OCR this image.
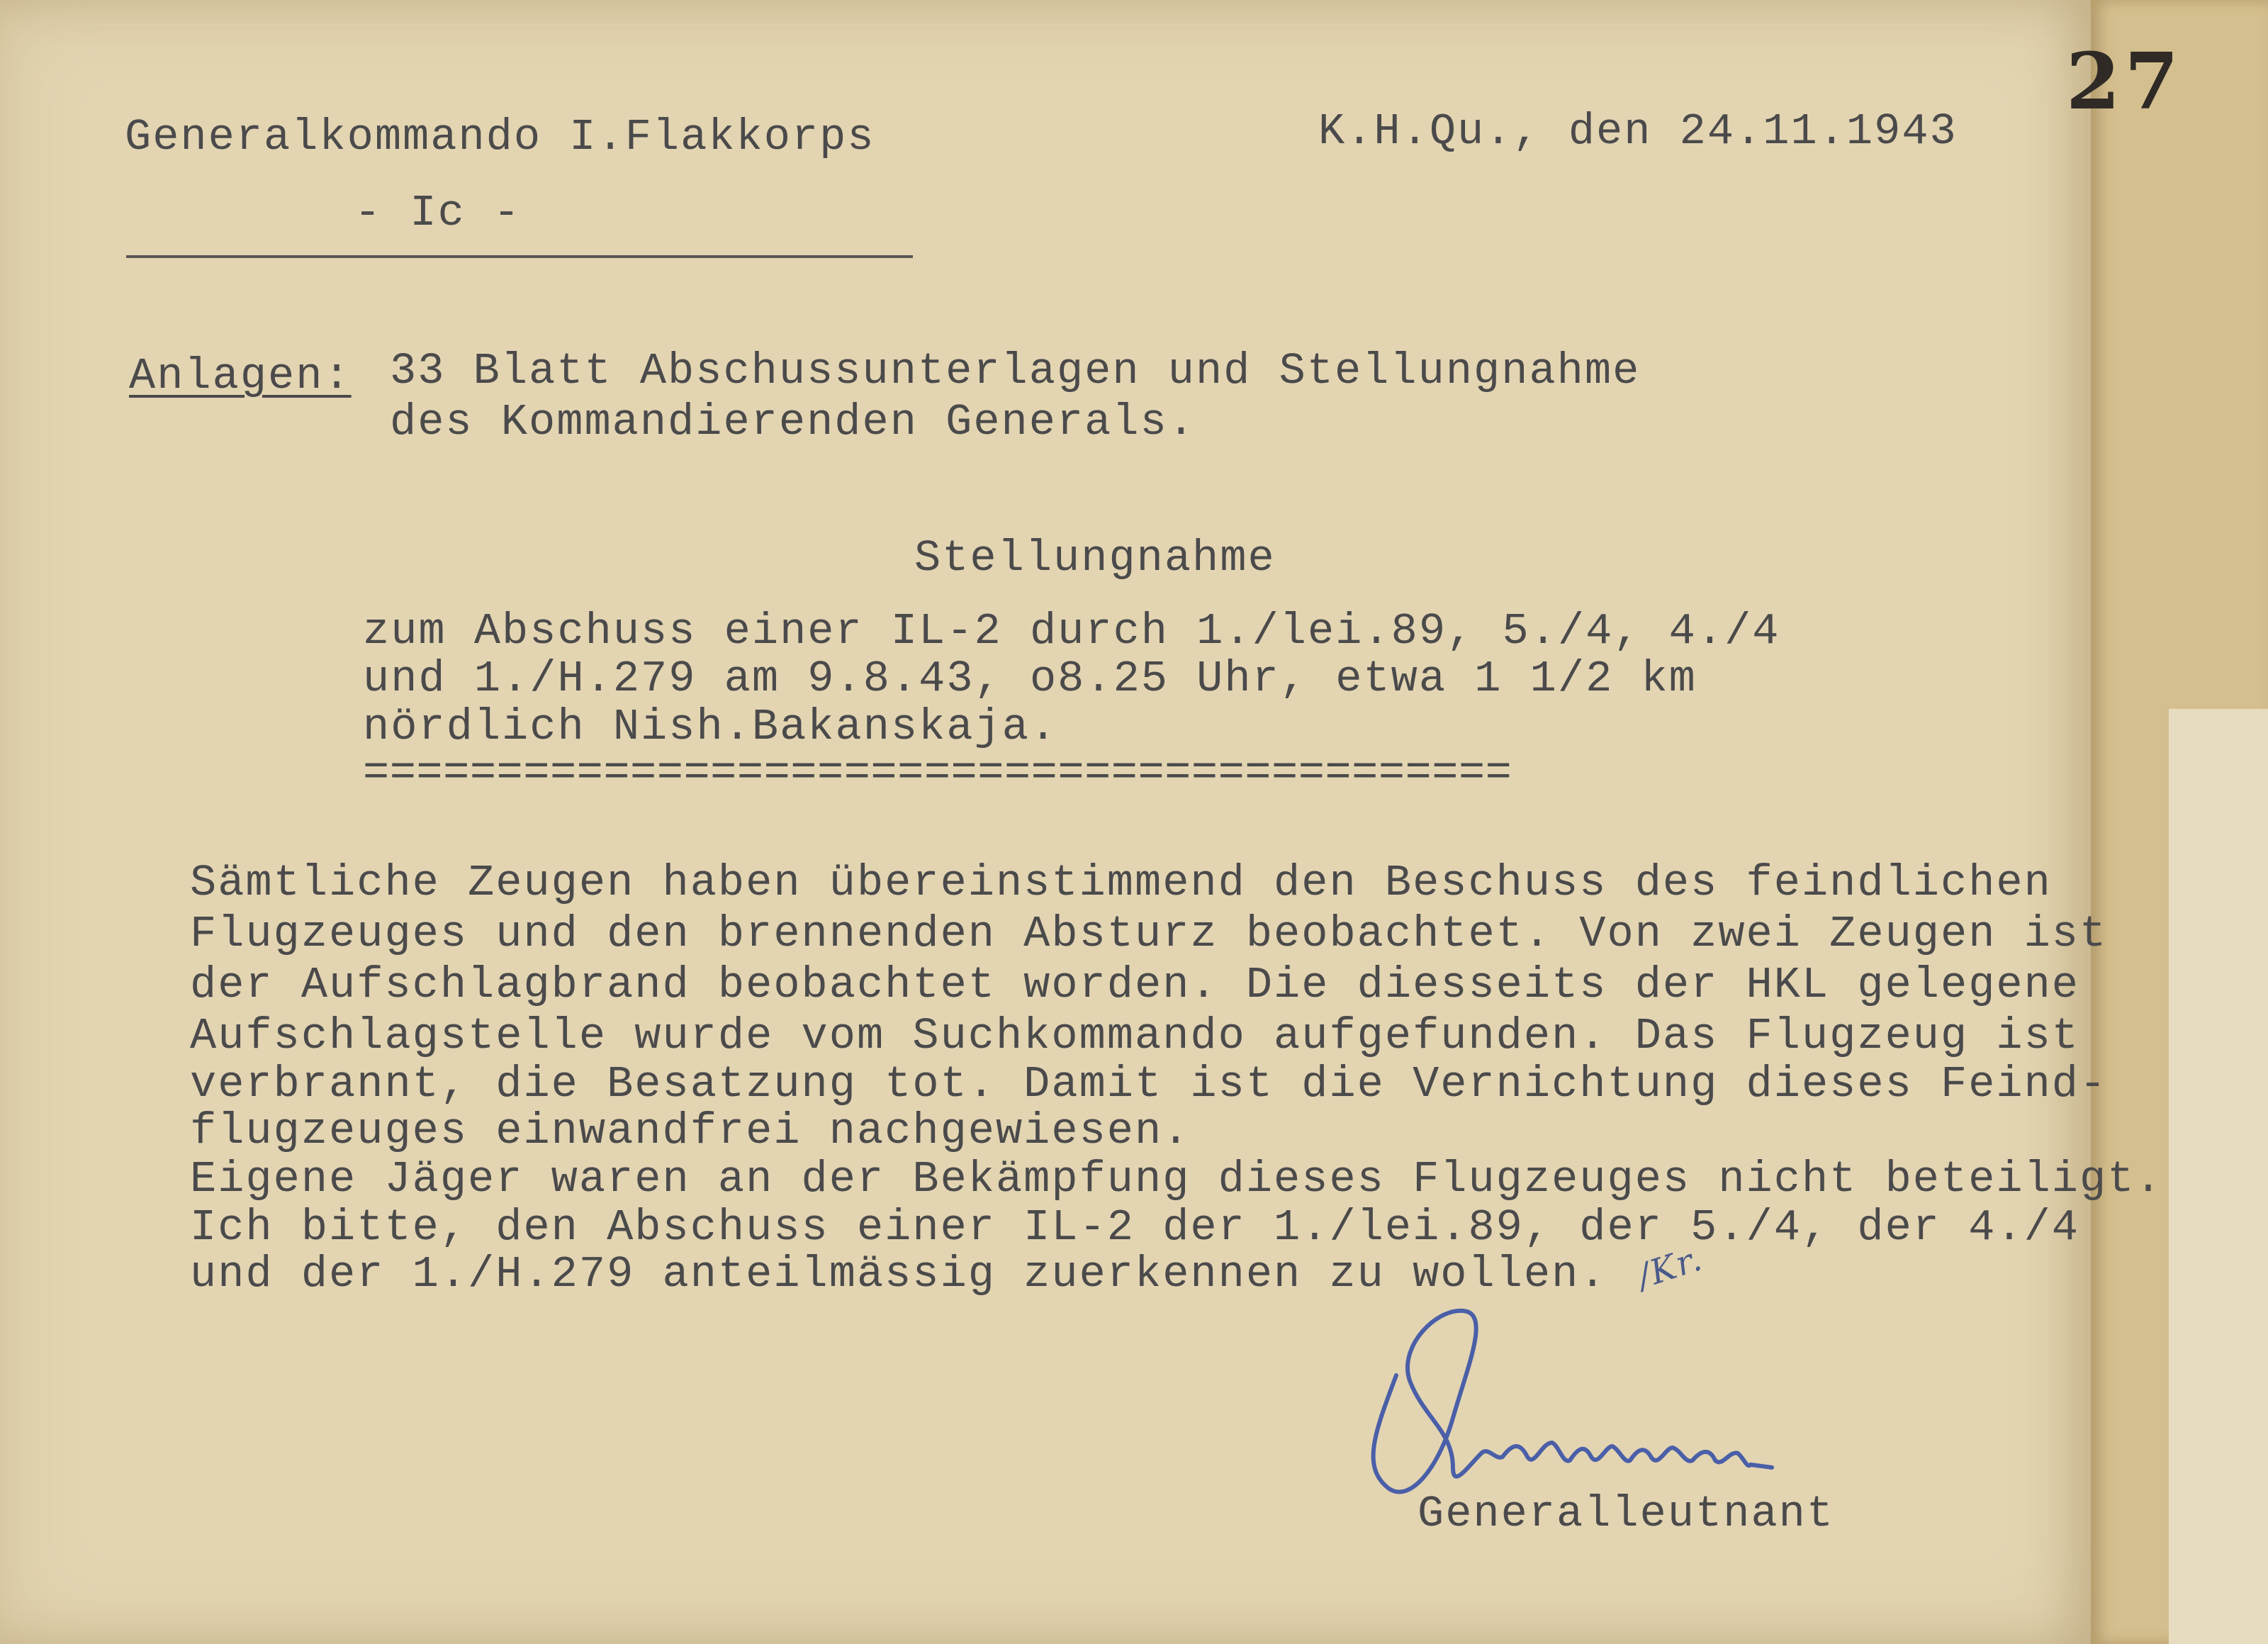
27
Generalkommando I.Flakkorps	K.H.Qu., den 24.11.1943
- Ic -
Anlagen: 33 Blatt Abschussunterlagen und Stellungnahme
des Kommandierenden Generals.
Stellungnahme
zum Abschuss einer IL-2 durch 1./lei.89, 5./4, 4./4
und 1./H.279 am 9.8.43, o8.25 Uhr, etwa 1 1/2 km
nördlich Nish.Bakanskaja.
===========================================
Sämtliche Zeugen haben übereinstimmend den Beschuss des feindlichen
Flugzeuges und den brennenden Absturz beobachtet. Von zwei Zeugen ist
der Aufschlagbrand beobachtet worden. Die diesseits der HKL gelegene
Aufschlagstelle wurde vom Suchkommando aufgefunden. Das Flugzeug ist
verbrannt, die Besatzung tot. Damit ist die Vernichtung dieses Feind-
flugzeuges einwandfrei nachgewiesen.
Eigene Jäger waren an der Bekämpfung dieses Flugzeuges nicht beteiligt.
Ich bitte, den Abschuss einer IL-2 der 1./lei.89, der 5./4, der 4./4
und der 1./H.279 anteilmässig zuerkennen zu wollen. /Kr.
Generalleutnant
